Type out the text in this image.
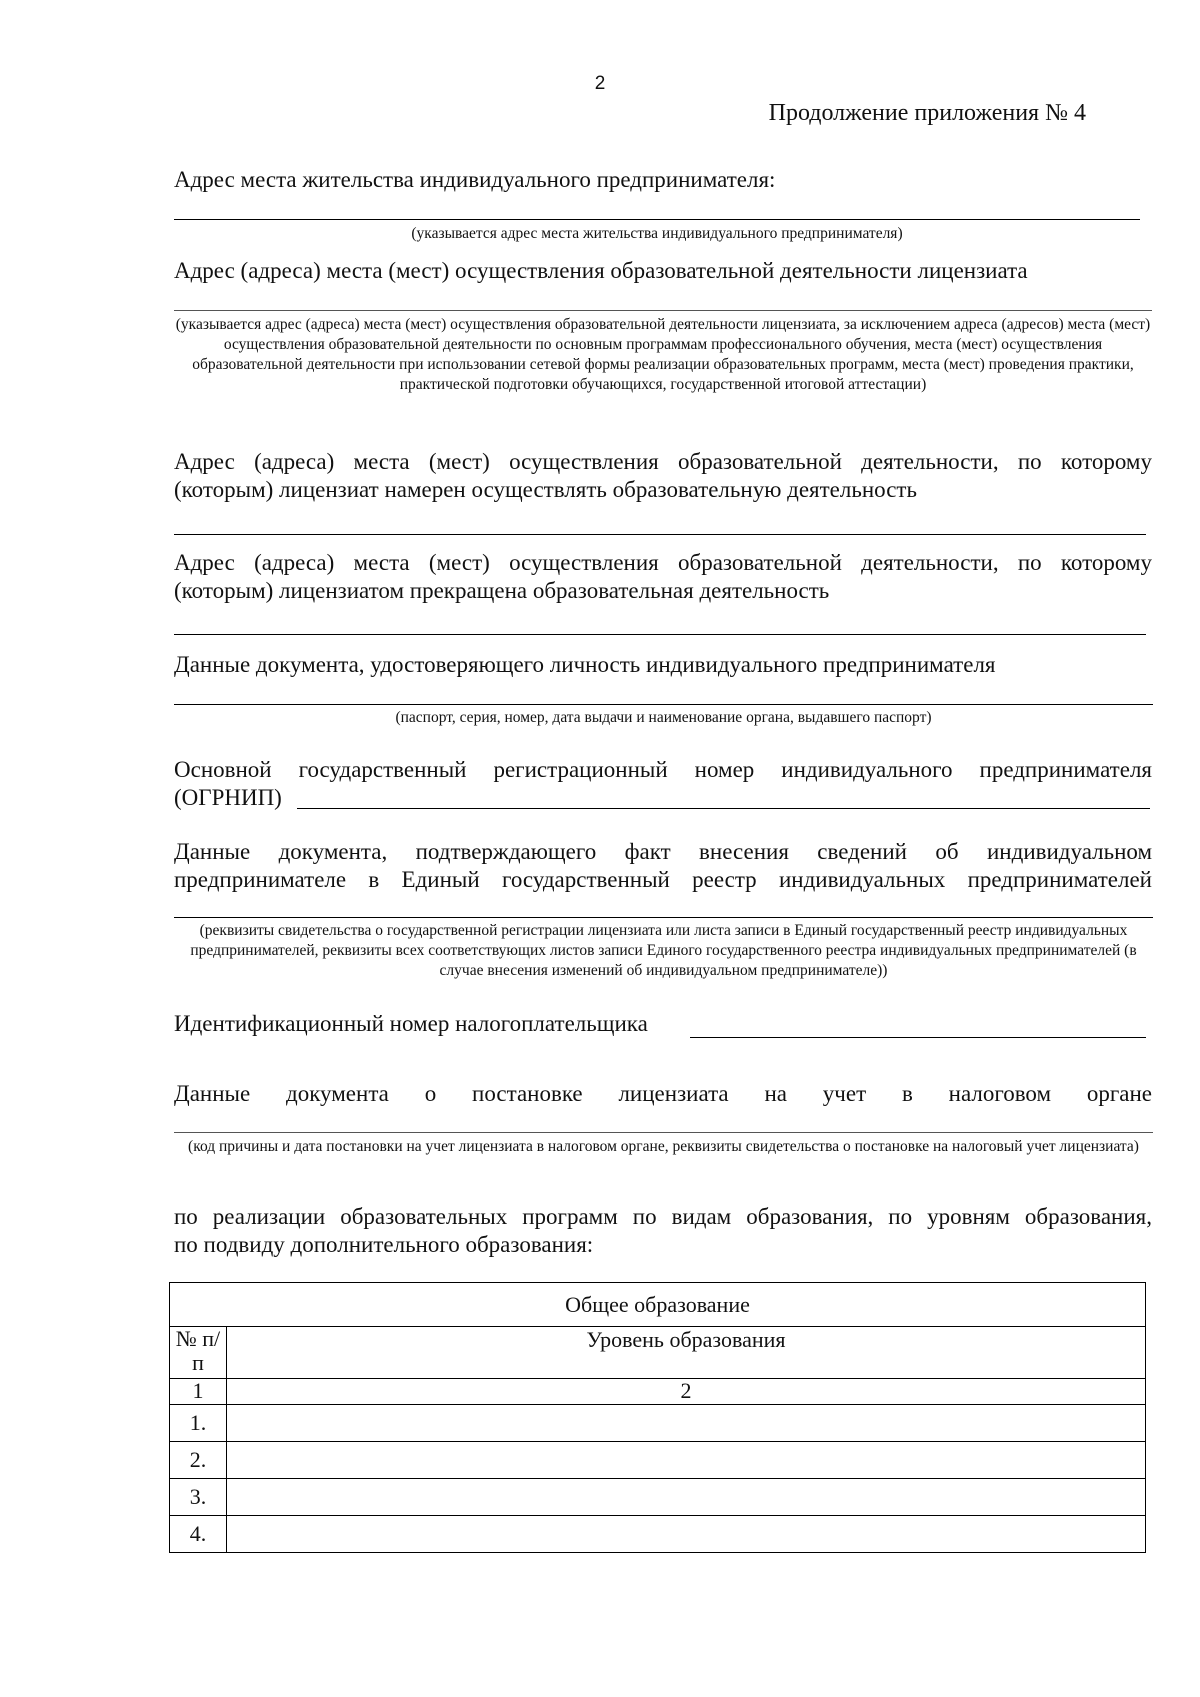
2
Продолжение приложения № 4
Адрес места жительства индивидуального предпринимателя:
(указывается адрес места жительства индивидуального предпринимателя)
Адрес (адреса) места (мест) осуществления образовательной деятельности лицензиата
(указывается адрес (адреса) места (мест) осуществления образовательной деятельности лицензиата, за исключением адреса (адресов) места (мест) осуществления образовательной деятельности по основным программам профессионального обучения, места (мест) осуществления образовательной деятельности при использовании сетевой формы реализации образовательных программ, места (мест) проведения практики, практической подготовки обучающихся, государственной итоговой аттестации)
Адрес (адреса) места (мест) осуществления образовательной деятельности, по которому
(которым) лицензиат намерен осуществлять образовательную деятельность
Адрес (адреса) места (мест) осуществления образовательной деятельности, по которому
(которым) лицензиатом прекращена образовательная деятельность
Данные документа, удостоверяющего личность индивидуального предпринимателя
(паспорт, серия, номер, дата выдачи и наименование органа, выдавшего паспорт)
Основной государственный регистрационный номер индивидуального предпринимателя
(ОГРНИП)
Данные документа, подтверждающего факт внесения сведений об индивидуальном
предпринимателе в Единый государственный реестр индивидуальных предпринимателей
(реквизиты свидетельства о государственной регистрации лицензиата или листа записи в Единый государственный реестр индивидуальных предпринимателей, реквизиты всех соответствующих листов записи Единого государственного реестра индивидуальных предпринимателей (в случае внесения изменений об индивидуальном предпринимателе))
Идентификационный номер налогоплательщика
Данные документа о постановке лицензиата на учет в налоговом органе
(код причины и дата постановки на учет лицензиата в налоговом органе, реквизиты свидетельства о постановке на налоговый учет лицензиата)
по реализации образовательных программ по видам образования, по уровням образования,
по подвиду дополнительного образования:
Общее образование	
№ п/п	Уровень образования
1	2
1.	
2.	
3.	
4.	
